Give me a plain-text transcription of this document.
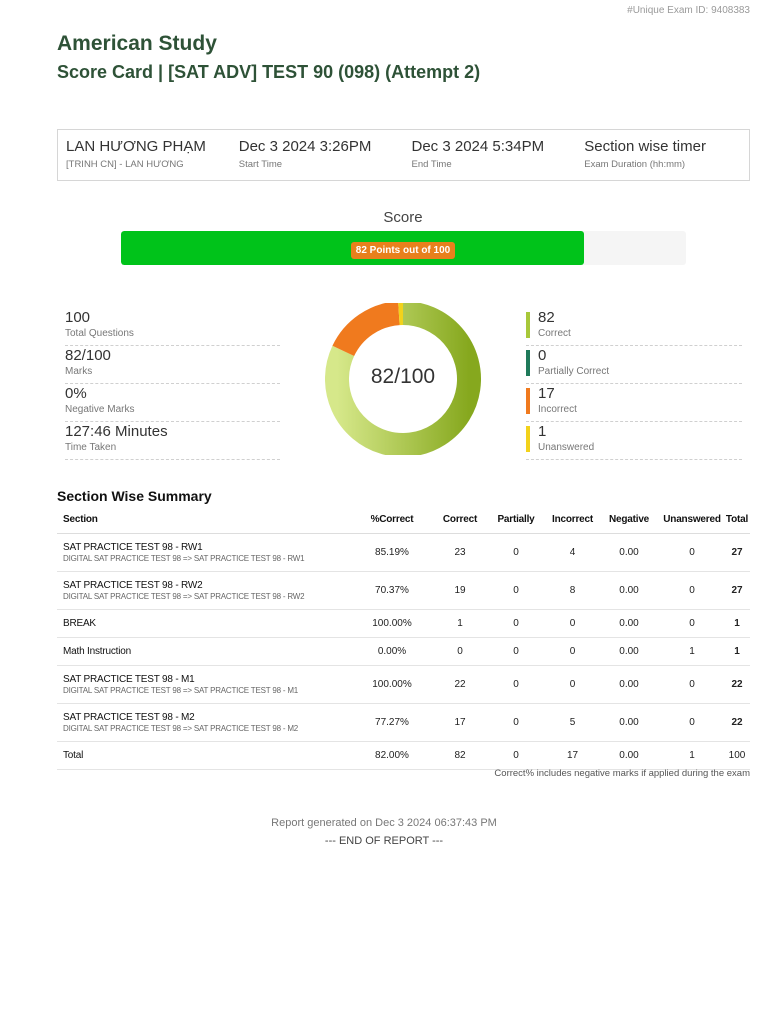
#Unique Exam ID: 9408383
American Study
Score Card | [SAT ADV] TEST 90 (098) (Attempt 2)
LAN HƯƠNG PHẠM
[TRINH CN] - LAN HƯƠNG
Dec 3 2024 3:26PM
Start Time
Dec 3 2024 5:34PM
End Time
Section wise timer
Exam Duration (hh:mm)
Score
82 Points out of 100
100
Total Questions
82/100
Marks
0%
Negative Marks
127:46 Minutes
Time Taken
82/100
82
Correct
0
Partially Correct
17
Incorrect
1
Unanswered
Section Wise Summary
Section	%Correct	Correct	Partially	Incorrect	Negative	Unanswered	Total

SAT PRACTICE TEST 98 - RW1
DIGITAL SAT PRACTICE TEST 98 => SAT PRACTICE TEST 98 - RW1	85.19%	23	0	4	0.00	0	27

SAT PRACTICE TEST 98 - RW2
DIGITAL SAT PRACTICE TEST 98 => SAT PRACTICE TEST 98 - RW2	70.37%	19	0	8	0.00	0	27

BREAK	100.00%	1	0	0	0.00	0	1

Math Instruction	0.00%	0	0	0	0.00	1	1

SAT PRACTICE TEST 98 - M1
DIGITAL SAT PRACTICE TEST 98 => SAT PRACTICE TEST 98 - M1	100.00%	22	0	0	0.00	0	22

SAT PRACTICE TEST 98 - M2
DIGITAL SAT PRACTICE TEST 98 => SAT PRACTICE TEST 98 - M2	77.27%	17	0	5	0.00	0	22

Total	82.00%	82	0	17	0.00	1	100
Correct% includes negative marks if applied during the exam
Report generated on Dec 3 2024 06:37:43 PM
--- END OF REPORT ---
